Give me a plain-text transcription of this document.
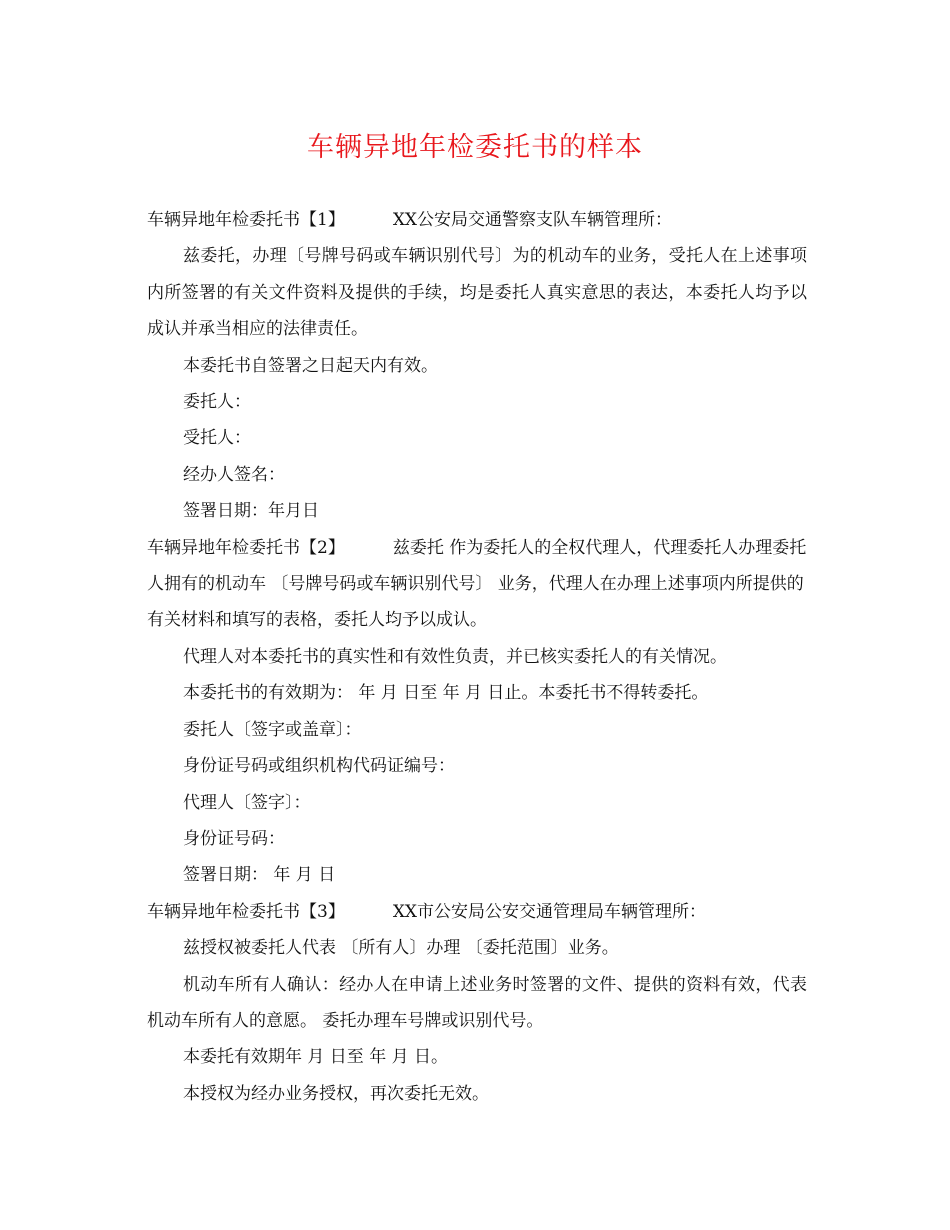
车辆异地年检委托书的样本

车辆异地年检委托书【1】	XX公安局交通警察支队车辆管理所：

兹委托，办理〔号牌号码或车辆识别代号〕为的机动车的业务，受托人在上述事项内所签署的有关文件资料及提供的手续，均是委托人真实意思的表达，本委托人均予以成认并承当相应的法律责任。

本委托书自签署之日起天内有效。

委托人：

受托人：

经办人签名：

签署日期：年月日

车辆异地年检委托书【2】	兹委托 作为委托人的全权代理人，代理委托人办理委托人拥有的机动车 〔号牌号码或车辆识别代号〕 业务，代理人在办理上述事项内所提供的有关材料和填写的表格，委托人均予以成认。

代理人对本委托书的真实性和有效性负责，并已核实委托人的有关情况。

本委托书的有效期为： 年 月 日至 年 月 日止。本委托书不得转委托。

委托人〔签字或盖章〕：

身份证号码或组织机构代码证编号：

代理人〔签字〕：

身份证号码：

签署日期： 年 月 日

车辆异地年检委托书【3】	XX市公安局公安交通管理局车辆管理所：

兹授权被委托人代表 〔所有人〕办理 〔委托范围〕业务。

机动车所有人确认：经办人在申请上述业务时签署的文件、提供的资料有效，代表机动车所有人的意愿。 委托办理车号牌或识别代号。

本委托有效期年 月 日至 年 月 日。

本授权为经办业务授权，再次委托无效。
